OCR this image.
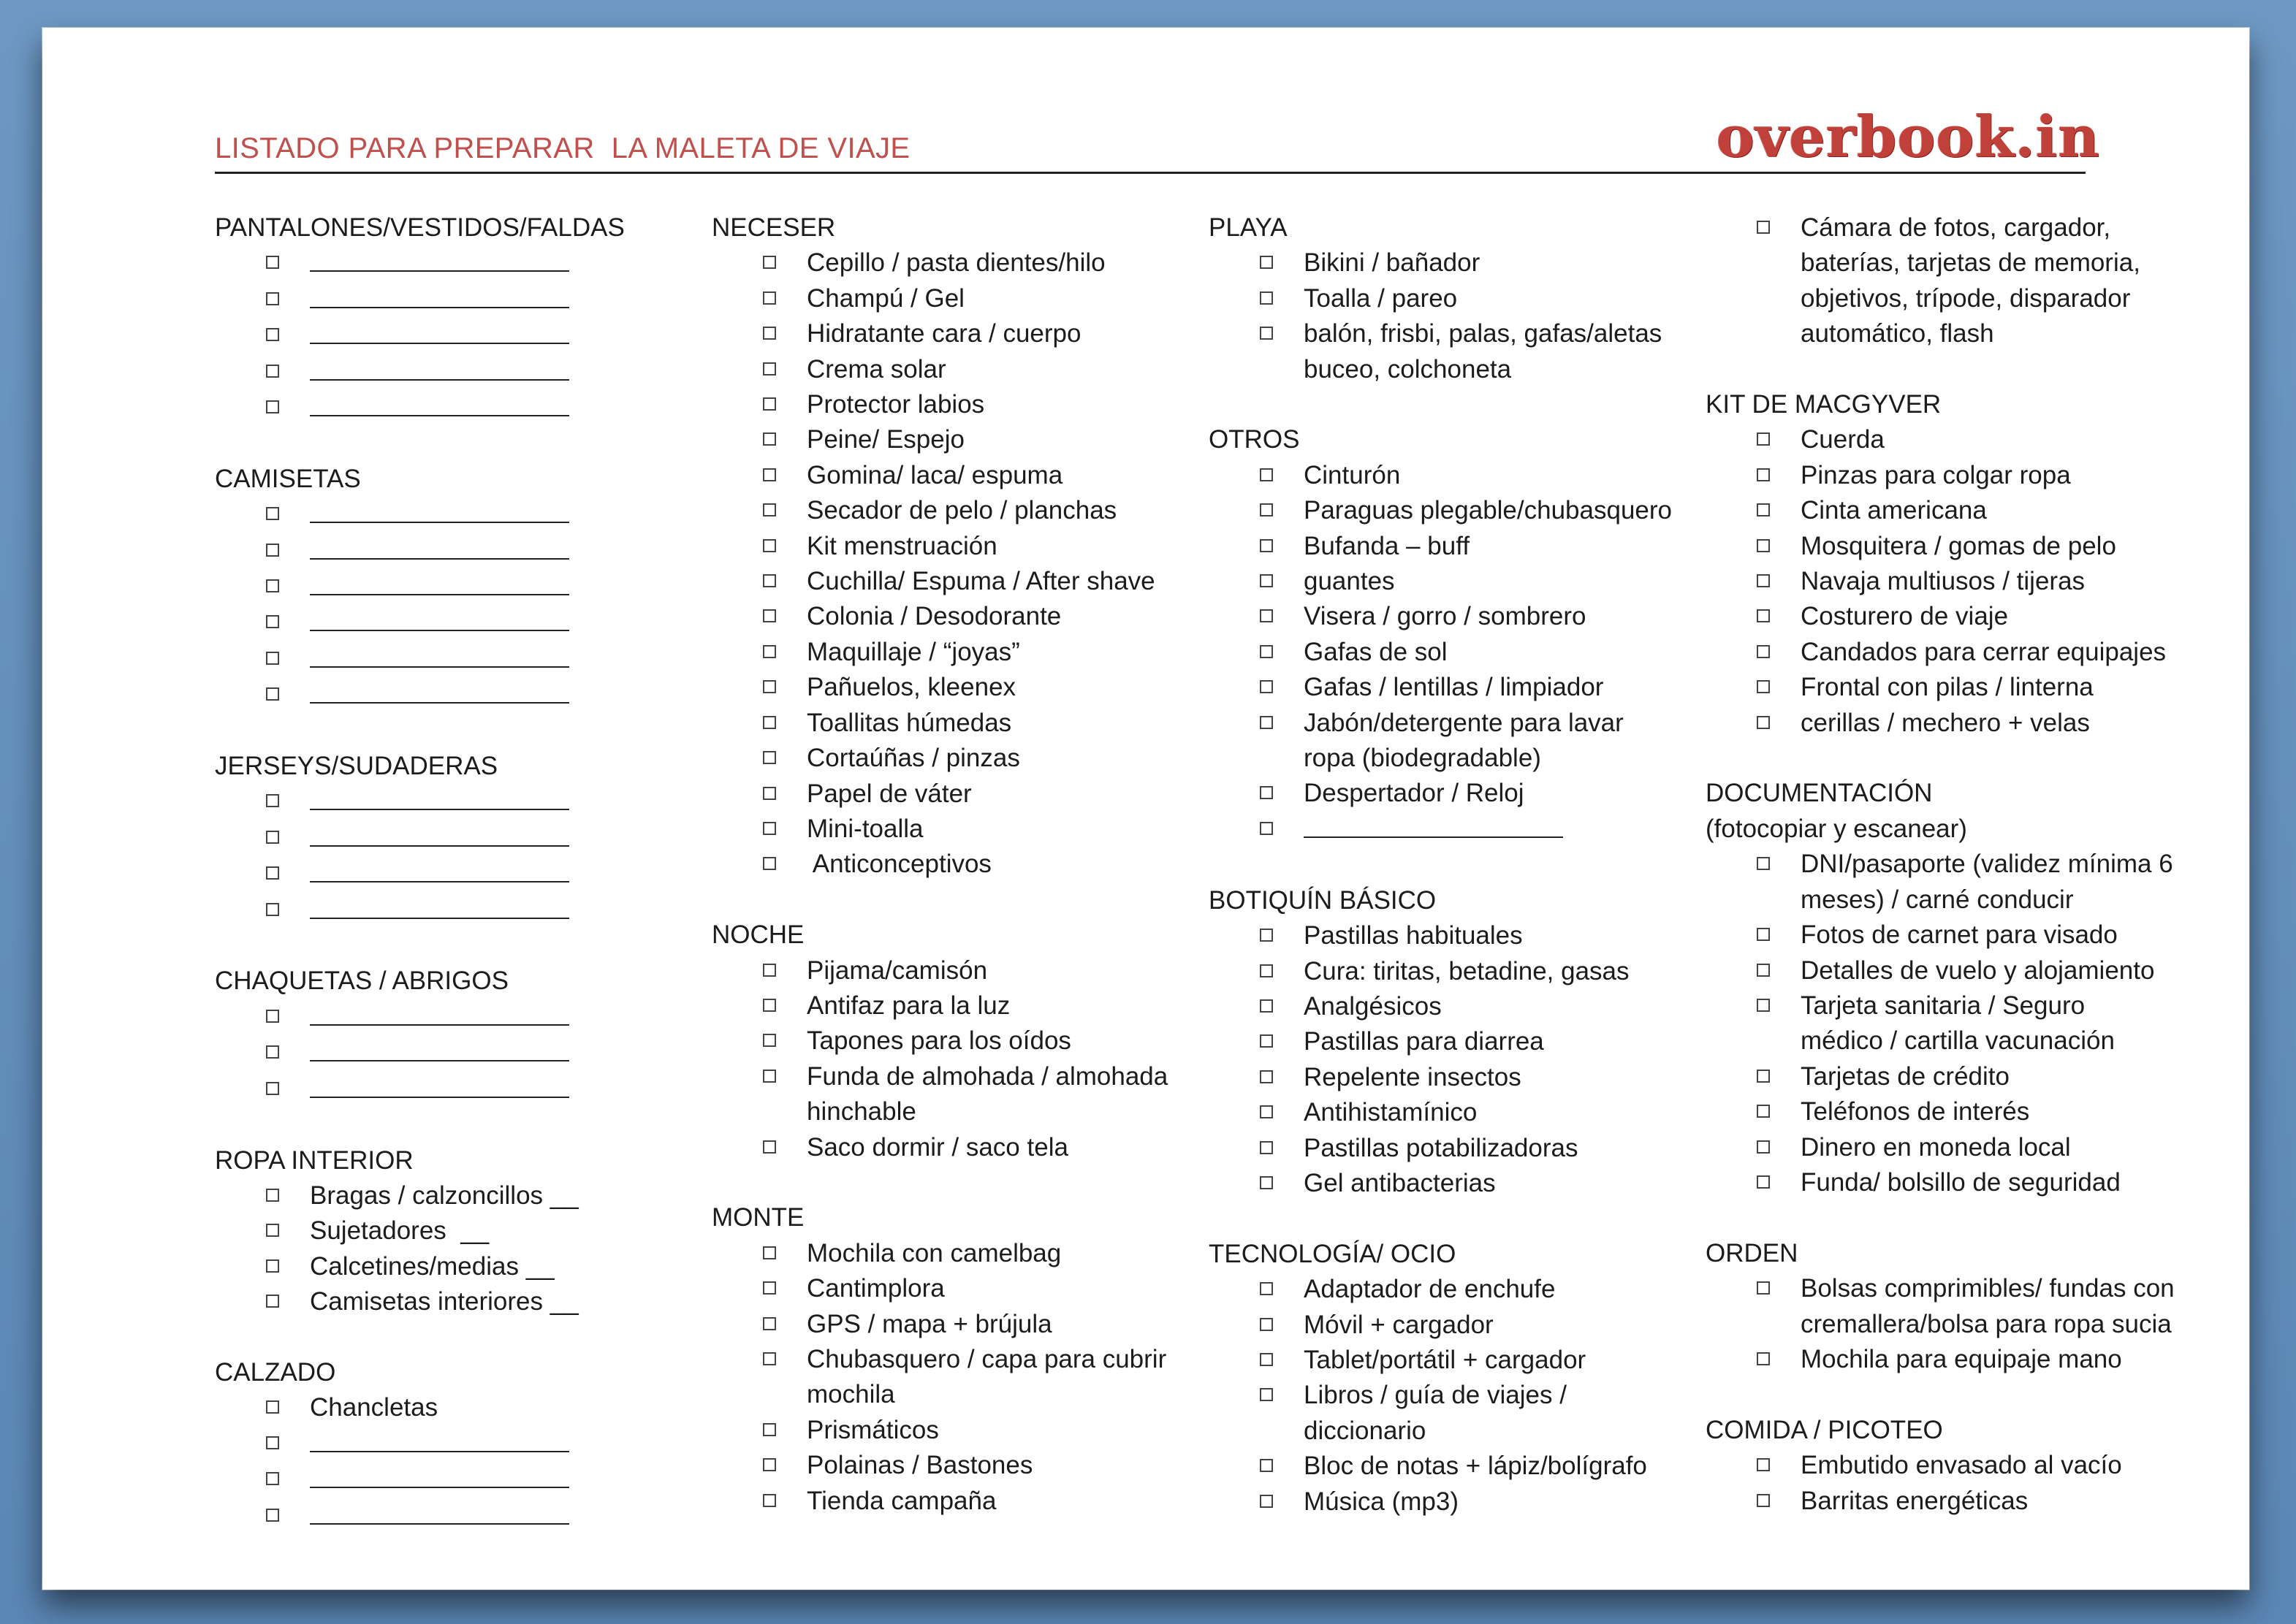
LISTADO PARA PREPARAR  LA MALETA DE VIAJE	overbook.in
PANTALONES/VESTIDOS/FALDAS
CAMISETAS
JERSEYS/SUDADERAS
CHAQUETAS / ABRIGOS
ROPA INTERIOR
Bragas / calzoncillos __
Sujetadores  __
Calcetines/medias __
Camisetas interiores __
CALZADO
Chancletas
NECESER
Cepillo / pasta dientes/hilo
Champú / Gel
Hidratante cara / cuerpo
Crema solar
Protector labios
Peine/ Espejo
Gomina/ laca/ espuma
Secador de pelo / planchas
Kit menstruación
Cuchilla/ Espuma / After shave
Colonia / Desodorante
Maquillaje / “joyas”
Pañuelos, kleenex
Toallitas húmedas
Cortaúñas / pinzas
Papel de váter
Mini-toalla
Anticonceptivos
NOCHE
Pijama/camisón
Antifaz para la luz
Tapones para los oídos
Funda de almohada / almohada
hinchable
Saco dormir / saco tela
MONTE
Mochila con camelbag
Cantimplora
GPS / mapa + brújula
Chubasquero / capa para cubrir
mochila
Prismáticos
Polainas / Bastones
Tienda campaña
PLAYA
Bikini / bañador
Toalla / pareo
balón, frisbi, palas, gafas/aletas
buceo, colchoneta
OTROS
Cinturón
Paraguas plegable/chubasquero
Bufanda – buff
guantes
Visera / gorro / sombrero
Gafas de sol
Gafas / lentillas / limpiador
Jabón/detergente para lavar
ropa (biodegradable)
Despertador / Reloj
BOTIQUÍN BÁSICO
Pastillas habituales
Cura: tiritas, betadine, gasas
Analgésicos
Pastillas para diarrea
Repelente insectos
Antihistamínico
Pastillas potabilizadoras
Gel antibacterias
TECNOLOGÍA/ OCIO
Adaptador de enchufe
Móvil + cargador
Tablet/portátil + cargador
Libros / guía de viajes /
diccionario
Bloc de notas + lápiz/bolígrafo
Música (mp3)
Cámara de fotos, cargador,
baterías, tarjetas de memoria,
objetivos, trípode, disparador
automático, flash
KIT DE MACGYVER
Cuerda
Pinzas para colgar ropa
Cinta americana
Mosquitera / gomas de pelo
Navaja multiusos / tijeras
Costurero de viaje
Candados para cerrar equipajes
Frontal con pilas / linterna
cerillas / mechero + velas
DOCUMENTACIÓN
(fotocopiar y escanear)
DNI/pasaporte (validez mínima 6
meses) / carné conducir
Fotos de carnet para visado
Detalles de vuelo y alojamiento
Tarjeta sanitaria / Seguro
médico / cartilla vacunación
Tarjetas de crédito
Teléfonos de interés
Dinero en moneda local
Funda/ bolsillo de seguridad
ORDEN
Bolsas comprimibles/ fundas con
cremallera/bolsa para ropa sucia
Mochila para equipaje mano
COMIDA / PICOTEO
Embutido envasado al vacío
Barritas energéticas
